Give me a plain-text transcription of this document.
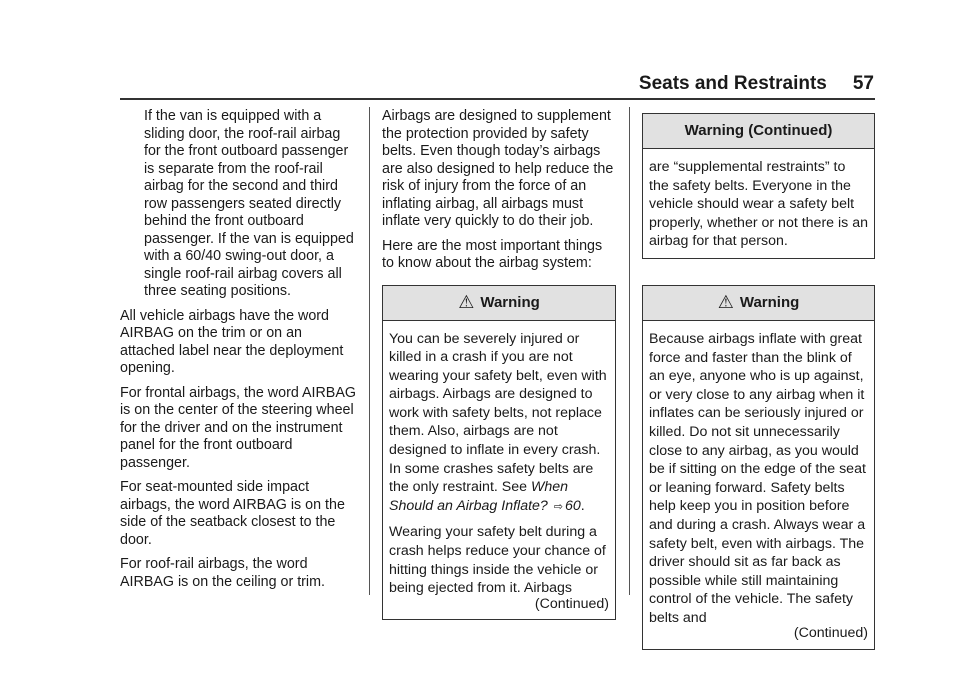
Seats and Restraints 57

If the van is equipped with a sliding door, the roof-rail airbag for the front outboard passenger is separate from the roof-rail airbag for the second and third row passengers seated directly behind the front outboard passenger. If the van is equipped with a 60/40 swing-out door, a single roof-rail airbag covers all three seating positions.

All vehicle airbags have the word AIRBAG on the trim or on an attached label near the deployment opening.

For frontal airbags, the word AIRBAG is on the center of the steering wheel for the driver and on the instrument panel for the front outboard passenger.

For seat-mounted side impact airbags, the word AIRBAG is on the side of the seatback closest to the door.

For roof-rail airbags, the word AIRBAG is on the ceiling or trim.

Airbags are designed to supplement the protection provided by safety belts. Even though today’s airbags are also designed to help reduce the risk of injury from the force of an inflating airbag, all airbags must inflate very quickly to do their job.

Here are the most important things to know about the airbag system:

⚠ Warning

You can be severely injured or killed in a crash if you are not wearing your safety belt, even with airbags. Airbags are designed to work with safety belts, not replace them. Also, airbags are not designed to inflate in every crash. In some crashes safety belts are the only restraint. See When Should an Airbag Inflate? ⇨ 60.

Wearing your safety belt during a crash helps reduce your chance of hitting things inside the vehicle or being ejected from it. Airbags

(Continued)
Warning (Continued)

are “supplemental restraints” to the safety belts. Everyone in the vehicle should wear a safety belt properly, whether or not there is an airbag for that person.

⚠ Warning

Because airbags inflate with great force and faster than the blink of an eye, anyone who is up against, or very close to any airbag when it inflates can be seriously injured or killed. Do not sit unnecessarily close to any airbag, as you would be if sitting on the edge of the seat or leaning forward. Safety belts help keep you in position before and during a crash. Always wear a safety belt, even with airbags. The driver should sit as far back as possible while still maintaining control of the vehicle. The safety belts and

(Continued)
